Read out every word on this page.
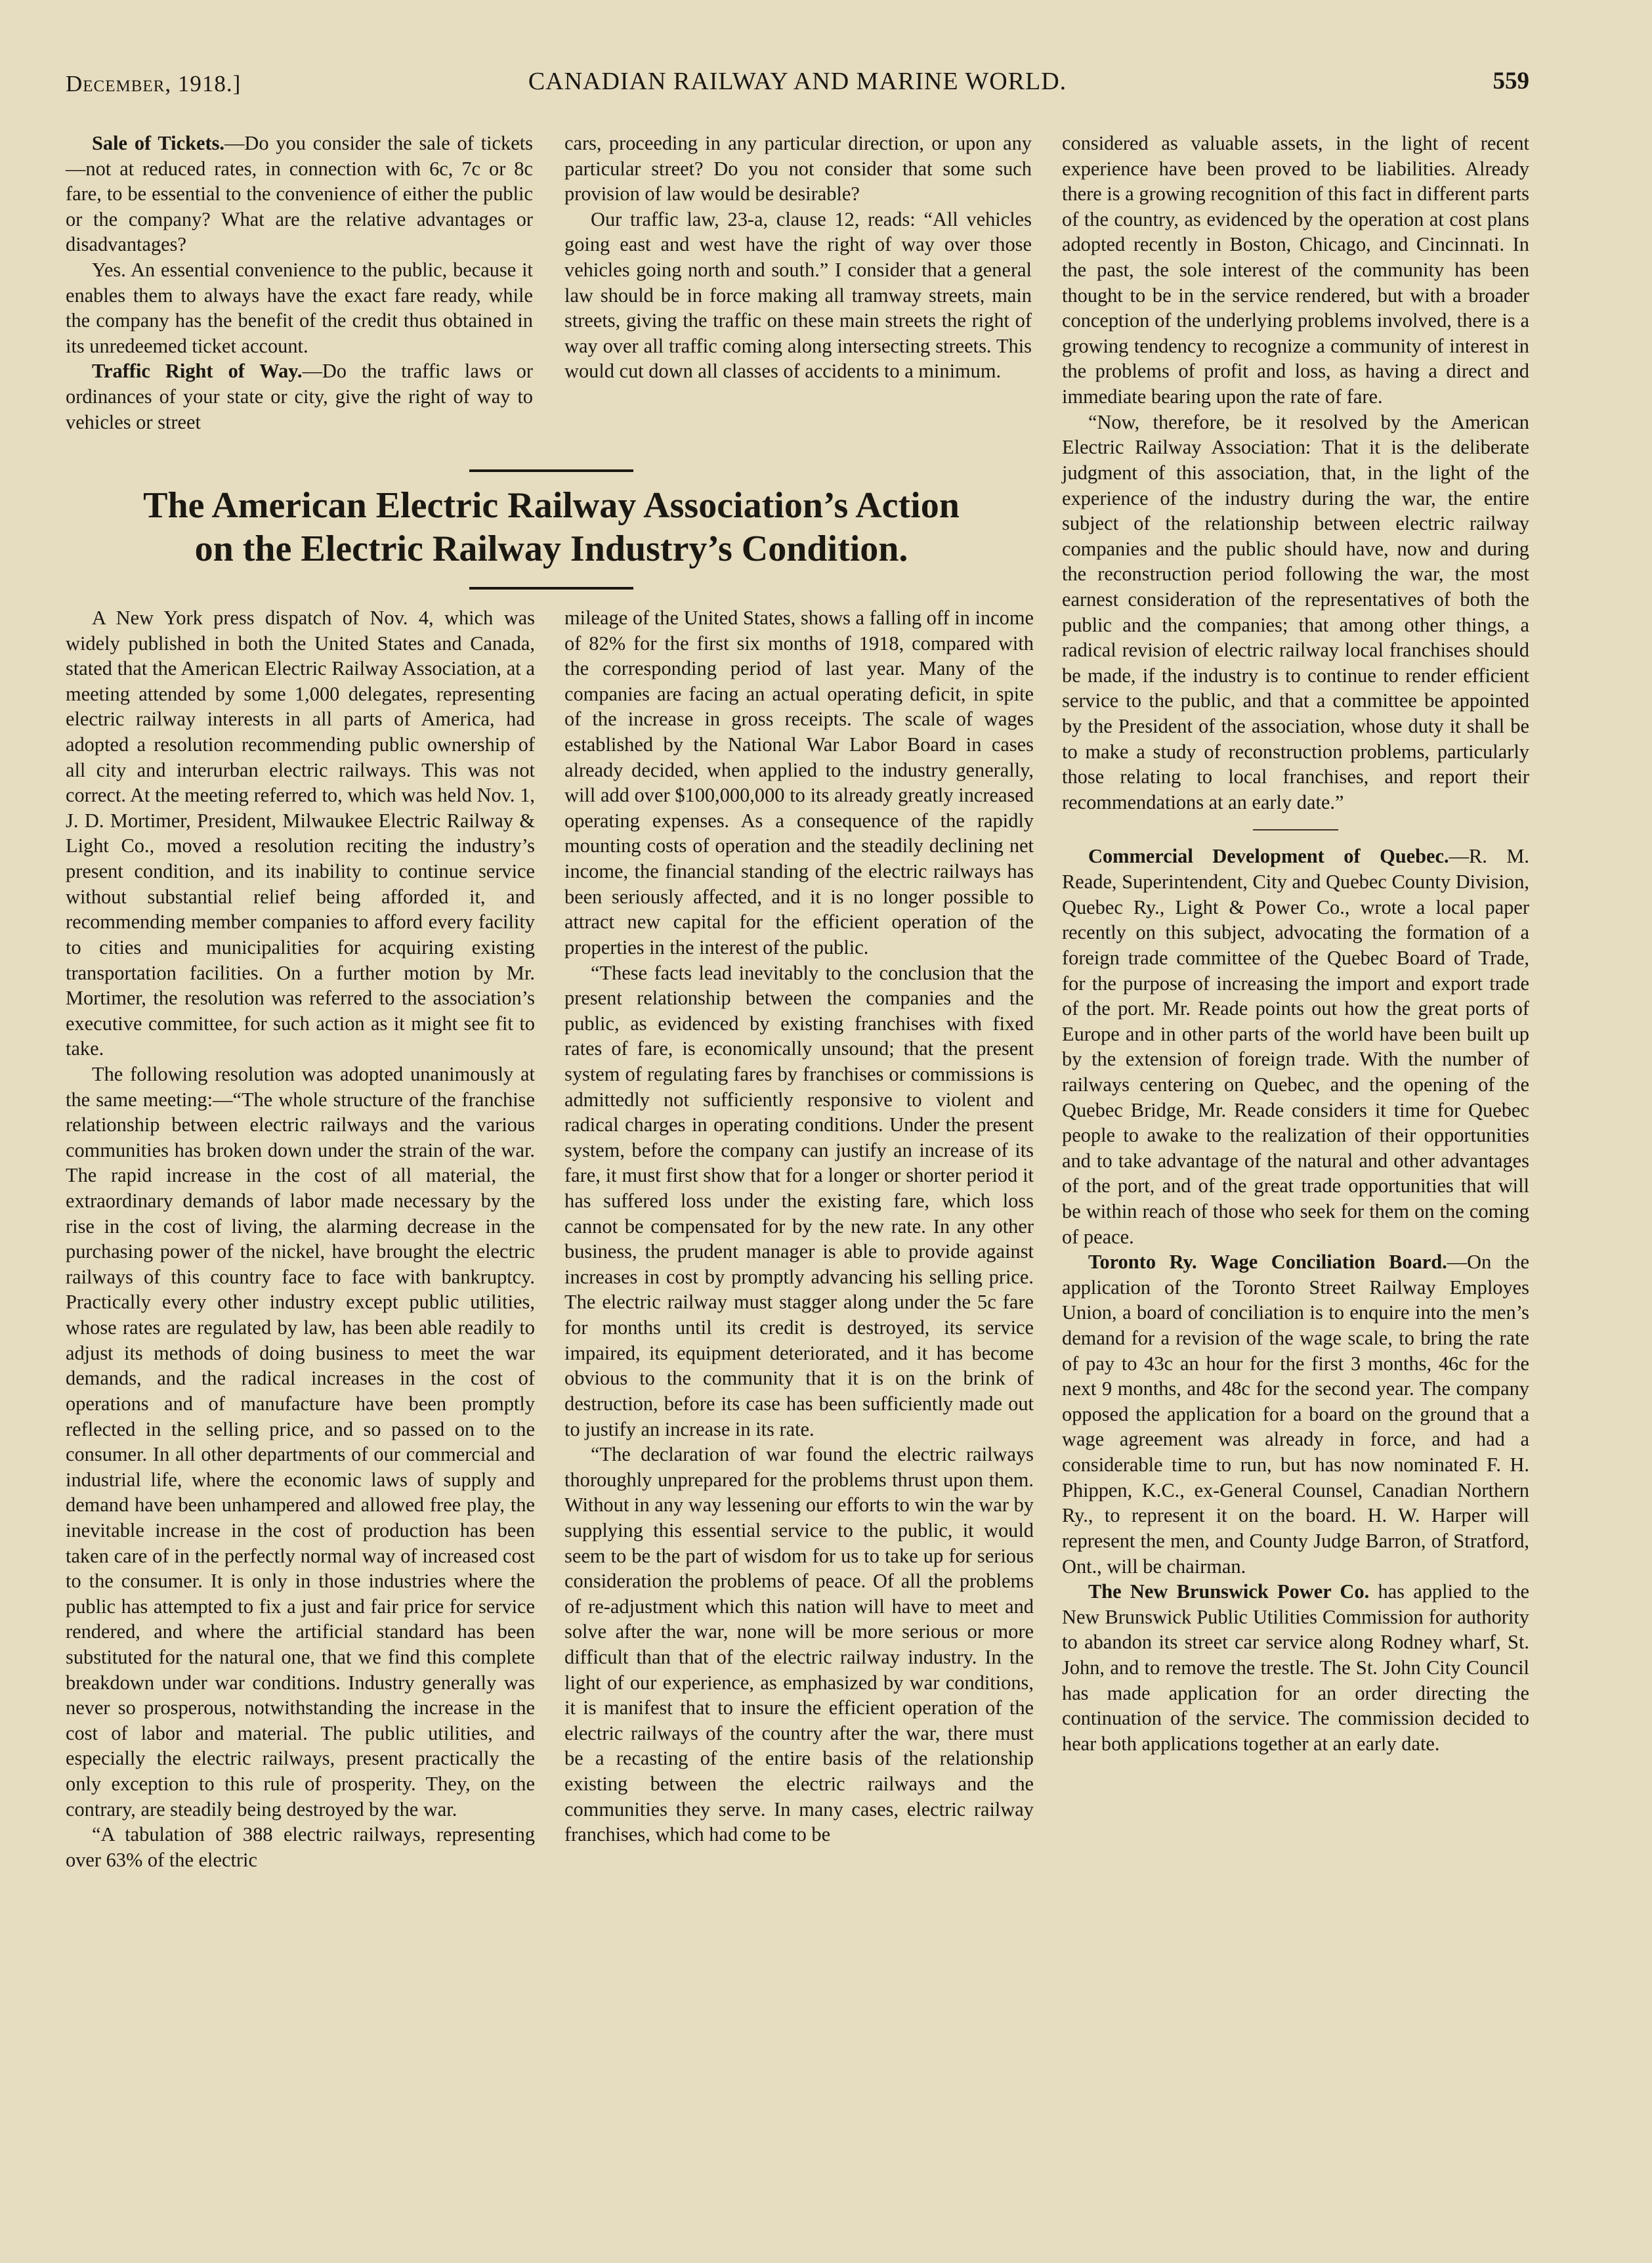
December, 1918.]	CANADIAN RAILWAY AND MARINE WORLD.	559

Sale of Tickets.—Do you consider the sale of tickets—not at reduced rates, in connection with 6c, 7c or 8c fare, to be essential to the convenience of either the public or the company? What are the relative advantages or disadvantages?

Yes. An essential convenience to the public, because it enables them to always have the exact fare ready, while the company has the benefit of the credit thus obtained in its unredeemed ticket account.

Traffic Right of Way.—Do the traffic laws or ordinances of your state or city, give the right of way to vehicles or street

cars, proceeding in any particular direction, or upon any particular street? Do you not consider that some such provision of law would be desirable?

Our traffic law, 23-a, clause 12, reads: “All vehicles going east and west have the right of way over those vehicles going north and south.” I consider that a general law should be in force making all tramway streets, main streets, giving the traffic on these main streets the right of way over all traffic coming along intersecting streets. This would cut down all classes of accidents to a minimum.

The American Electric Railway Association’s Action
on the Electric Railway Industry’s Condition.

A New York press dispatch of Nov. 4, which was widely published in both the United States and Canada, stated that the American Electric Railway Association, at a meeting attended by some 1,000 delegates, representing electric railway interests in all parts of America, had adopted a resolution recommending public ownership of all city and interurban electric railways. This was not correct. At the meeting referred to, which was held Nov. 1, J. D. Mortimer, President, Milwaukee Electric Railway & Light Co., moved a resolution reciting the industry’s present condition, and its inability to continue service without substantial relief being afforded it, and recommending member companies to afford every facility to cities and municipalities for acquiring existing transportation facilities. On a further motion by Mr. Mortimer, the resolution was referred to the association’s executive committee, for such action as it might see fit to take.

The following resolution was adopted unanimously at the same meeting:—“The whole structure of the franchise relationship between electric railways and the various communities has broken down under the strain of the war. The rapid increase in the cost of all material, the extraordinary demands of labor made necessary by the rise in the cost of living, the alarming decrease in the purchasing power of the nickel, have brought the electric railways of this country face to face with bankruptcy. Practically every other industry except public utilities, whose rates are regulated by law, has been able readily to adjust its methods of doing business to meet the war demands, and the radical increases in the cost of operations and of manufacture have been promptly reflected in the selling price, and so passed on to the consumer. In all other departments of our commercial and industrial life, where the economic laws of supply and demand have been unhampered and allowed free play, the inevitable increase in the cost of production has been taken care of in the perfectly normal way of increased cost to the consumer. It is only in those industries where the public has attempted to fix a just and fair price for service rendered, and where the artificial standard has been substituted for the natural one, that we find this complete breakdown under war conditions. Industry generally was never so prosperous, notwithstanding the increase in the cost of labor and material. The public utilities, and especially the electric railways, present practically the only exception to this rule of prosperity. They, on the contrary, are steadily being destroyed by the war.

“A tabulation of 388 electric railways, representing over 63% of the electric

mileage of the United States, shows a falling off in income of 82% for the first six months of 1918, compared with the corresponding period of last year. Many of the companies are facing an actual operating deficit, in spite of the increase in gross receipts. The scale of wages established by the National War Labor Board in cases already decided, when applied to the industry generally, will add over $100,000,000 to its already greatly increased operating expenses. As a consequence of the rapidly mounting costs of operation and the steadily declining net income, the financial standing of the electric railways has been seriously affected, and it is no longer possible to attract new capital for the efficient operation of the properties in the interest of the public.

“These facts lead inevitably to the conclusion that the present relationship between the companies and the public, as evidenced by existing franchises with fixed rates of fare, is economically unsound; that the present system of regulating fares by franchises or commissions is admittedly not sufficiently responsive to violent and radical charges in operating conditions. Under the present system, before the company can justify an increase of its fare, it must first show that for a longer or shorter period it has suffered loss under the existing fare, which loss cannot be compensated for by the new rate. In any other business, the prudent manager is able to provide against increases in cost by promptly advancing his selling price. The electric railway must stagger along under the 5c fare for months until its credit is destroyed, its service impaired, its equipment deteriorated, and it has become obvious to the community that it is on the brink of destruction, before its case has been sufficiently made out to justify an increase in its rate.

“The declaration of war found the electric railways thoroughly unprepared for the problems thrust upon them. Without in any way lessening our efforts to win the war by supplying this essential service to the public, it would seem to be the part of wisdom for us to take up for serious consideration the problems of peace. Of all the problems of re-adjustment which this nation will have to meet and solve after the war, none will be more serious or more difficult than that of the electric railway industry. In the light of our experience, as emphasized by war conditions, it is manifest that to insure the efficient operation of the electric railways of the country after the war, there must be a recasting of the entire basis of the relationship existing between the electric railways and the communities they serve. In many cases, electric railway franchises, which had come to be

considered as valuable assets, in the light of recent experience have been proved to be liabilities. Already there is a growing recognition of this fact in different parts of the country, as evidenced by the operation at cost plans adopted recently in Boston, Chicago, and Cincinnati. In the past, the sole interest of the community has been thought to be in the service rendered, but with a broader conception of the underlying problems involved, there is a growing tendency to recognize a community of interest in the problems of profit and loss, as having a direct and immediate bearing upon the rate of fare.

“Now, therefore, be it resolved by the American Electric Railway Association: That it is the deliberate judgment of this association, that, in the light of the experience of the industry during the war, the entire subject of the relationship between electric railway companies and the public should have, now and during the reconstruction period following the war, the most earnest consideration of the representatives of both the public and the companies; that among other things, a radical revision of electric railway local franchises should be made, if the industry is to continue to render efficient service to the public, and that a committee be appointed by the President of the association, whose duty it shall be to make a study of reconstruction problems, particularly those relating to local franchises, and report their recommendations at an early date.”

Commercial Development of Quebec.—R. M. Reade, Superintendent, City and Quebec County Division, Quebec Ry., Light & Power Co., wrote a local paper recently on this subject, advocating the formation of a foreign trade committee of the Quebec Board of Trade, for the purpose of increasing the import and export trade of the port. Mr. Reade points out how the great ports of Europe and in other parts of the world have been built up by the extension of foreign trade. With the number of railways centering on Quebec, and the opening of the Quebec Bridge, Mr. Reade considers it time for Quebec people to awake to the realization of their opportunities and to take advantage of the natural and other advantages of the port, and of the great trade opportunities that will be within reach of those who seek for them on the coming of peace.

Toronto Ry. Wage Conciliation Board.—On the application of the Toronto Street Railway Employes Union, a board of conciliation is to enquire into the men’s demand for a revision of the wage scale, to bring the rate of pay to 43c an hour for the first 3 months, 46c for the next 9 months, and 48c for the second year. The company opposed the application for a board on the ground that a wage agreement was already in force, and had a considerable time to run, but has now nominated F. H. Phippen, K.C., ex-General Counsel, Canadian Northern Ry., to represent it on the board. H. W. Harper will represent the men, and County Judge Barron, of Stratford, Ont., will be chairman.

The New Brunswick Power Co. has applied to the New Brunswick Public Utilities Commission for authority to abandon its street car service along Rodney wharf, St. John, and to remove the trestle. The St. John City Council has made application for an order directing the continuation of the service. The commission decided to hear both applications together at an early date.
